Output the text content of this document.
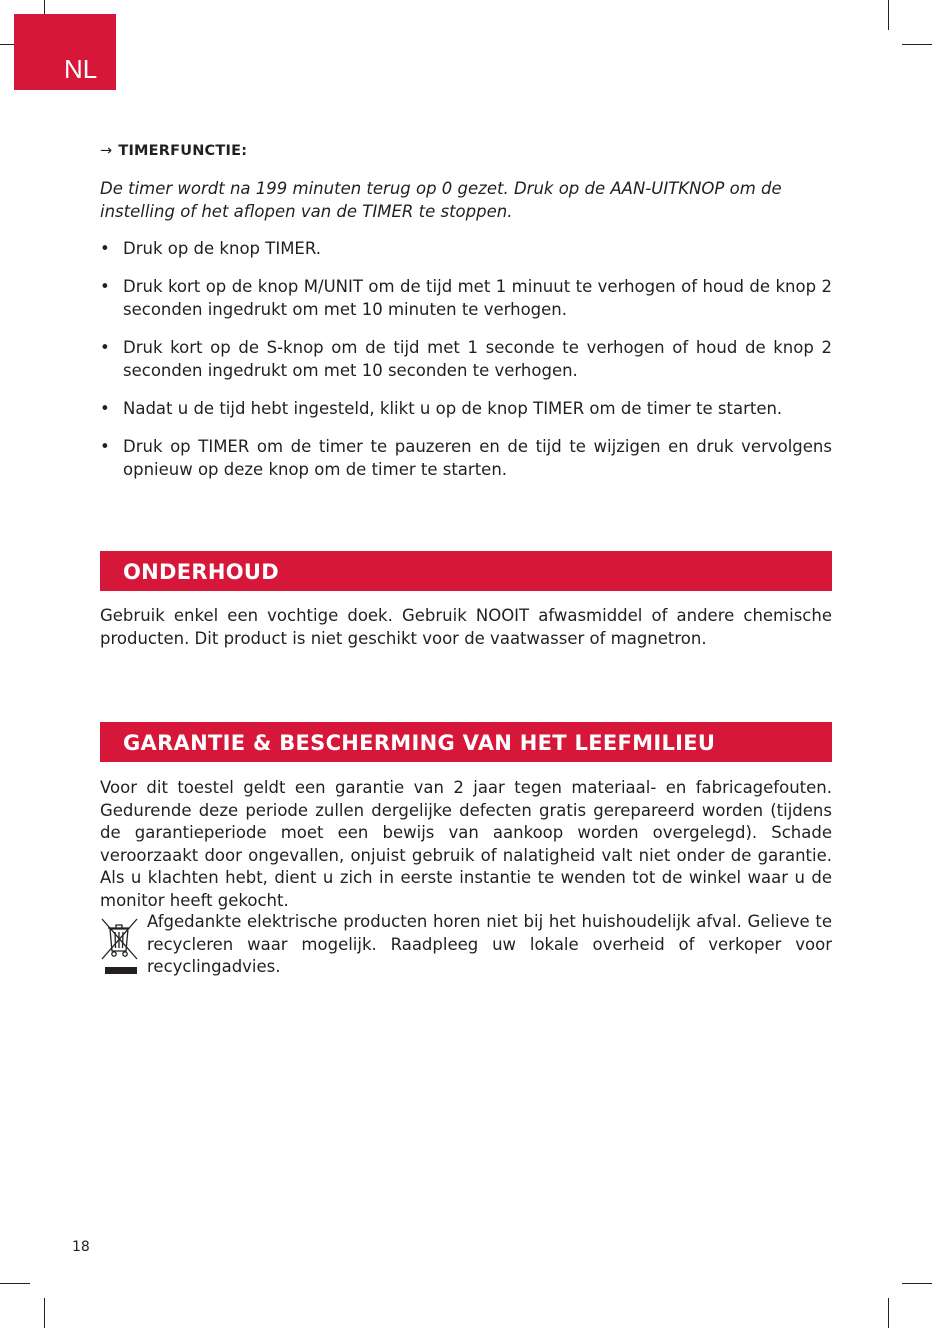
NL
→ TIMERFUNCTIE:

De timer wordt na 199 minuten terug op 0 gezet. Druk op de AAN-UITKNOP om de instelling of het aflopen van de TIMER te stoppen.

• Druk op de knop TIMER.
• Druk kort op de knop M/UNIT om de tijd met 1 minuut te verhogen of houd de knop 2 seconden ingedrukt om met 10 minuten te verhogen.
• Druk kort op de S-knop om de tijd met 1 seconde te verhogen of houd de knop 2 seconden ingedrukt om met 10 seconden te verhogen.
• Nadat u de tijd hebt ingesteld, klikt u op de knop TIMER om de timer te starten.
• Druk op TIMER om de timer te pauzeren en de tijd te wijzigen en druk vervolgens opnieuw op deze knop om de timer te starten.
ONDERHOUD

Gebruik enkel een vochtige doek. Gebruik NOOIT afwasmiddel of andere chemische producten. Dit product is niet geschikt voor de vaatwasser of magnetron.

GARANTIE & BESCHERMING VAN HET LEEFMILIEU

Voor dit toestel geldt een garantie van 2 jaar tegen materiaal- en fabricagefouten. Gedurende deze periode zullen dergelijke defecten gratis gerepareerd worden (tijdens de garantieperiode moet een bewijs van aankoop worden overgelegd). Schade veroorzaakt door ongevallen, onjuist gebruik of nalatigheid valt niet onder de garantie. Als u klachten hebt, dient u zich in eerste instantie te wenden tot de winkel waar u de monitor heeft gekocht.

Afgedankte elektrische producten horen niet bij het huishoudelijk afval. Gelieve te recycleren waar mogelijk. Raadpleeg uw lokale overheid of verkoper voor recyclingadvies.

18
